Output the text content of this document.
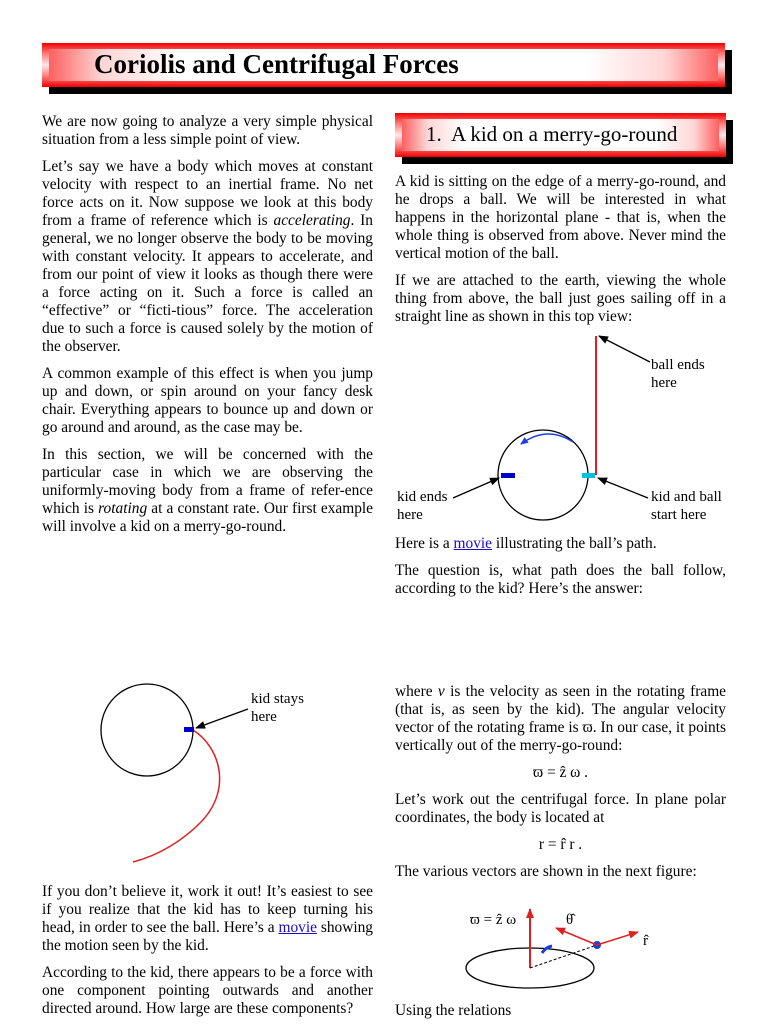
Coriolis and Centrifugal Forces

We are now going to analyze a very simple physical situation from a less simple point of view.

Let’s say we have a body which moves at constant velocity with respect to an inertial frame. No net force acts on it. Now suppose we look at this body from a frame of reference which is accelerating. In general, we no longer observe the body to be moving with constant velocity. It appears to accelerate, and from our point of view it looks as though there were a force acting on it. Such a force is called an “effective” or “ficti-tious” force. The acceleration due to such a force is caused solely by the motion of the observer.

A common example of this effect is when you jump up and down, or spin around on your fancy desk chair. Everything appears to bounce up and down or go around and around, as the case may be.

In this section, we will be concerned with the particular case in which we are observing the uniformly-moving body from a frame of refer-ence which is rotating at a constant rate. Our first example will involve a kid on a merry-go-round.

1. A kid on a merry-go-round

A kid is sitting on the edge of a merry-go-round, and he drops a ball. We will be interested in what happens in the horizontal plane - that is, when the whole thing is observed from above. Never mind the vertical motion of the ball.

If we are attached to the earth, viewing the whole thing from above, the ball just goes sailing off in a straight line as shown in this top view:

ball ends
here
kid ends
here
kid and ball
start here

Here is a movie illustrating the ball’s path.

The question is, what path does the ball follow, according to the kid? Here’s the answer:

kid stays
here

If you don’t believe it, work it out! It’s easiest to see if you realize that the kid has to keep turning his head, in order to see the ball. Here’s a movie showing the motion seen by the kid.

According to the kid, there appears to be a force with one component pointing outwards and another directed around. How large are these components?

where v is the velocity as seen in the rotating frame (that is, as seen by the kid). The angular velocity vector of the rotating frame is ϖ. In our case, it points vertically out of the merry-go-round:

ϖ = ẑ ω .

Let’s work out the centrifugal force. In plane polar coordinates, the body is located at

r = r̂ r .

The various vectors are shown in the next figure:

ϖ = ẑ ω	θ̂
r̂

Using the relations
